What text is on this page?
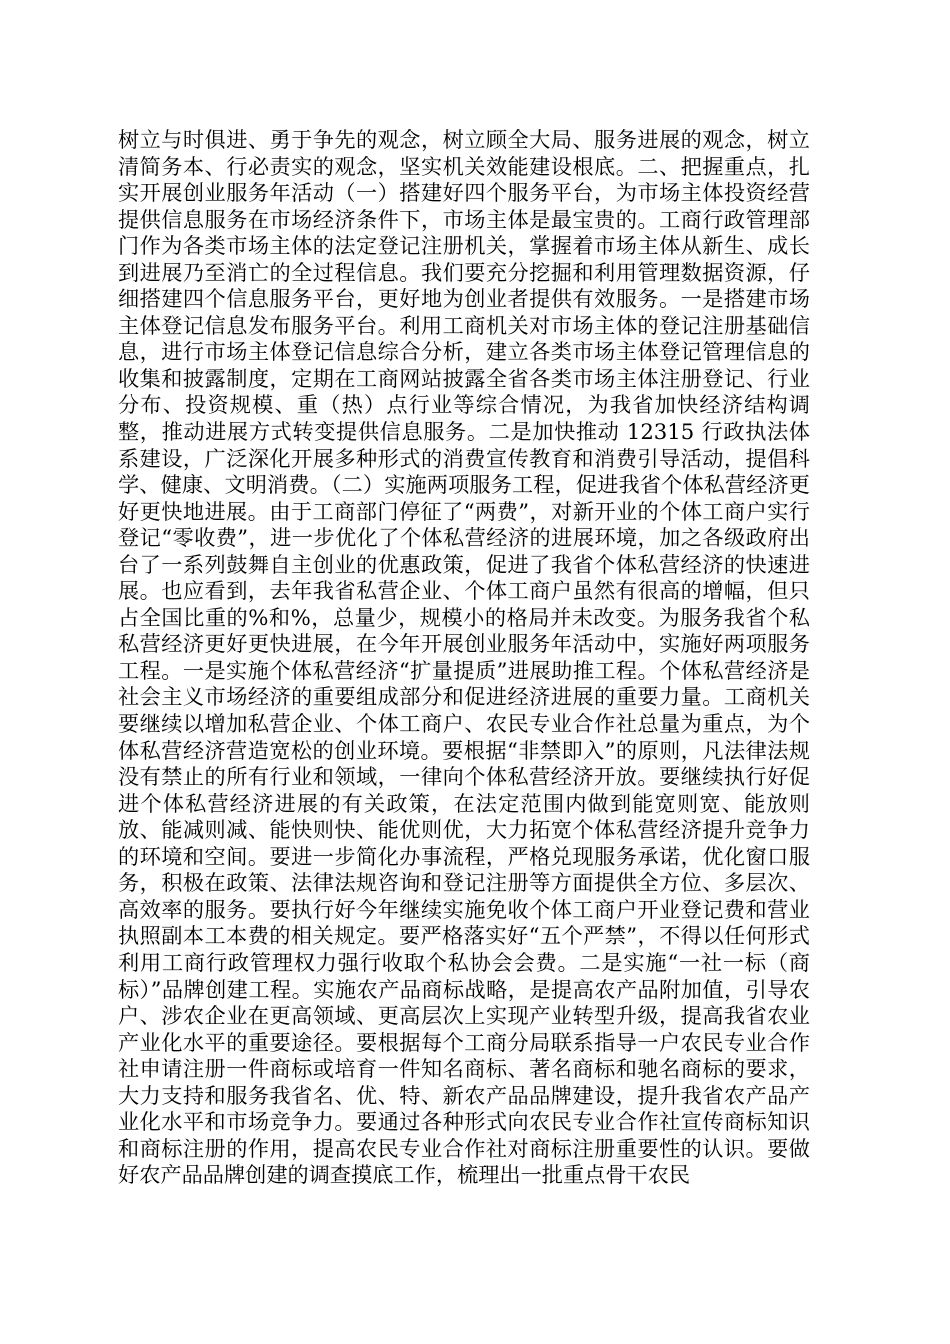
树立与时俱进、勇于争先的观念，树立顾全大局、服务进展的观念，树立清简务本、行必责实的观念，坚实机关效能建设根底。二、把握重点，扎实开展创业服务年活动（一）搭建好四个服务平台，为市场主体投资经营提供信息服务在市场经济条件下，市场主体是最宝贵的。工商行政管理部门作为各类市场主体的法定登记注册机关，掌握着市场主体从新生、成长到进展乃至消亡的全过程信息。我们要充分挖掘和利用管理数据资源，仔细搭建四个信息服务平台，更好地为创业者提供有效服务。一是搭建市场主体登记信息发布服务平台。利用工商机关对市场主体的登记注册基础信息，进行市场主体登记信息综合分析，建立各类市场主体登记管理信息的收集和披露制度，定期在工商网站披露全省各类市场主体注册登记、行业分布、投资规模、重（热）点行业等综合情况，为我省加快经济结构调整，推动进展方式转变提供信息服务。二是加快推动 12315 行政执法体系建设，广泛深化开展多种形式的消费宣传教育和消费引导活动，提倡科学、健康、文明消费。（二）实施两项服务工程，促进我省个体私营经济更好更快地进展。由于工商部门停征了“两费”，对新开业的个体工商户实行登记“零收费”，进一步优化了个体私营经济的进展环境，加之各级政府出台了一系列鼓舞自主创业的优惠政策，促进了我省个体私营经济的快速进展。也应看到，去年我省私营企业、个体工商户虽然有很高的增幅，但只占全国比重的%和%，总量少，规模小的格局并未改变。为服务我省个私私营经济更好更快进展，在今年开展创业服务年活动中，实施好两项服务工程。一是实施个体私营经济“扩量提质”进展助推工程。个体私营经济是社会主义市场经济的重要组成部分和促进经济进展的重要力量。工商机关要继续以增加私营企业、个体工商户、农民专业合作社总量为重点，为个体私营经济营造宽松的创业环境。要根据“非禁即入”的原则，凡法律法规没有禁止的所有行业和领域，一律向个体私营经济开放。要继续执行好促进个体私营经济进展的有关政策，在法定范围内做到能宽则宽、能放则放、能减则减、能快则快、能优则优，大力拓宽个体私营经济提升竞争力的环境和空间。要进一步简化办事流程，严格兑现服务承诺，优化窗口服务，积极在政策、法律法规咨询和登记注册等方面提供全方位、多层次、高效率的服务。要执行好今年继续实施免收个体工商户开业登记费和营业执照副本工本费的相关规定。要严格落实好“五个严禁”，不得以任何形式利用工商行政管理权力强行收取个私协会会费。二是实施“一社一标（商标）”品牌创建工程。实施农产品商标战略，是提高农产品附加值，引导农户、涉农企业在更高领域、更高层次上实现产业转型升级，提高我省农业产业化水平的重要途径。要根据每个工商分局联系指导一户农民专业合作社申请注册一件商标或培育一件知名商标、著名商标和驰名商标的要求，大力支持和服务我省名、优、特、新农产品品牌建设，提升我省农产品产业化水平和市场竞争力。要通过各种形式向农民专业合作社宣传商标知识和商标注册的作用，提高农民专业合作社对商标注册重要性的认识。要做好农产品品牌创建的调查摸底工作，梳理出一批重点骨干农民
